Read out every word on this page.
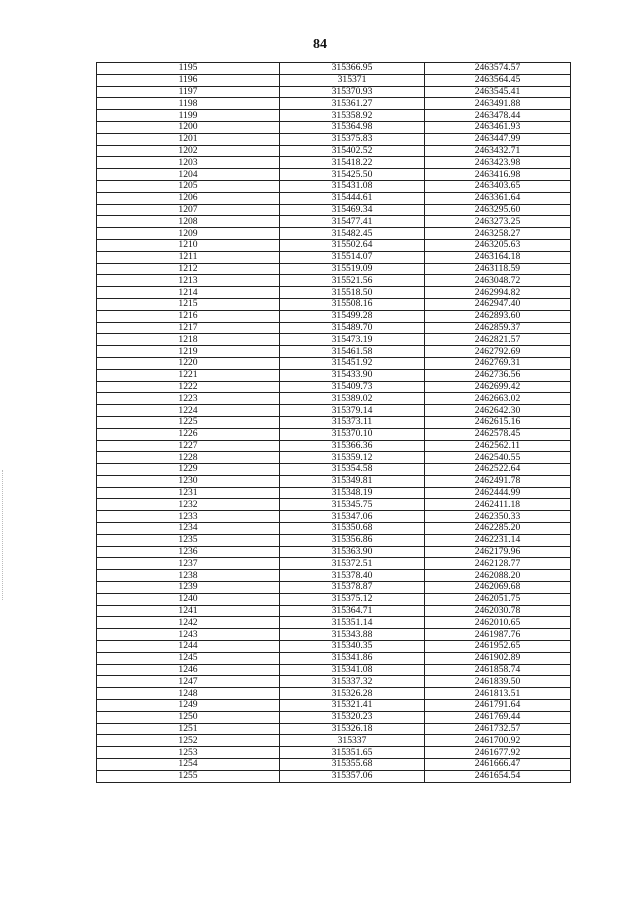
84
1195	315366.95	2463574.57
1196	315371	2463564.45
1197	315370.93	2463545.41
1198	315361.27	2463491.88
1199	315358.92	2463478.44
1200	315364.98	2463461.93
1201	315375.83	2463447.99
1202	315402.52	2463432.71
1203	315418.22	2463423.98
1204	315425.50	2463416.98
1205	315431.08	2463403.65
1206	315444.61	2463361.64
1207	315469.34	2463295.60
1208	315477.41	2463273.25
1209	315482.45	2463258.27
1210	315502.64	2463205.63
1211	315514.07	2463164.18
1212	315519.09	2463118.59
1213	315521.56	2463048.72
1214	315518.50	2462994.82
1215	315508.16	2462947.40
1216	315499.28	2462893.60
1217	315489.70	2462859.37
1218	315473.19	2462821.57
1219	315461.58	2462792.69
1220	315451.92	2462769.31
1221	315433.90	2462736.56
1222	315409.73	2462699.42
1223	315389.02	2462663.02
1224	315379.14	2462642.30
1225	315373.11	2462615.16
1226	315370.10	2462578.45
1227	315366.36	2462562.11
1228	315359.12	2462540.55
1229	315354.58	2462522.64
1230	315349.81	2462491.78
1231	315348.19	2462444.99
1232	315345.75	2462411.18
1233	315347.06	2462350.33
1234	315350.68	2462285.20
1235	315356.86	2462231.14
1236	315363.90	2462179.96
1237	315372.51	2462128.77
1238	315378.40	2462088.20
1239	315378.87	2462069.68
1240	315375.12	2462051.75
1241	315364.71	2462030.78
1242	315351.14	2462010.65
1243	315343.88	2461987.76
1244	315340.35	2461952.65
1245	315341.86	2461902.89
1246	315341.08	2461858.74
1247	315337.32	2461839.50
1248	315326.28	2461813.51
1249	315321.41	2461791.64
1250	315320.23	2461769.44
1251	315326.18	2461732.57
1252	315337	2461700.92
1253	315351.65	2461677.92
1254	315355.68	2461666.47
1255	315357.06	2461654.54
